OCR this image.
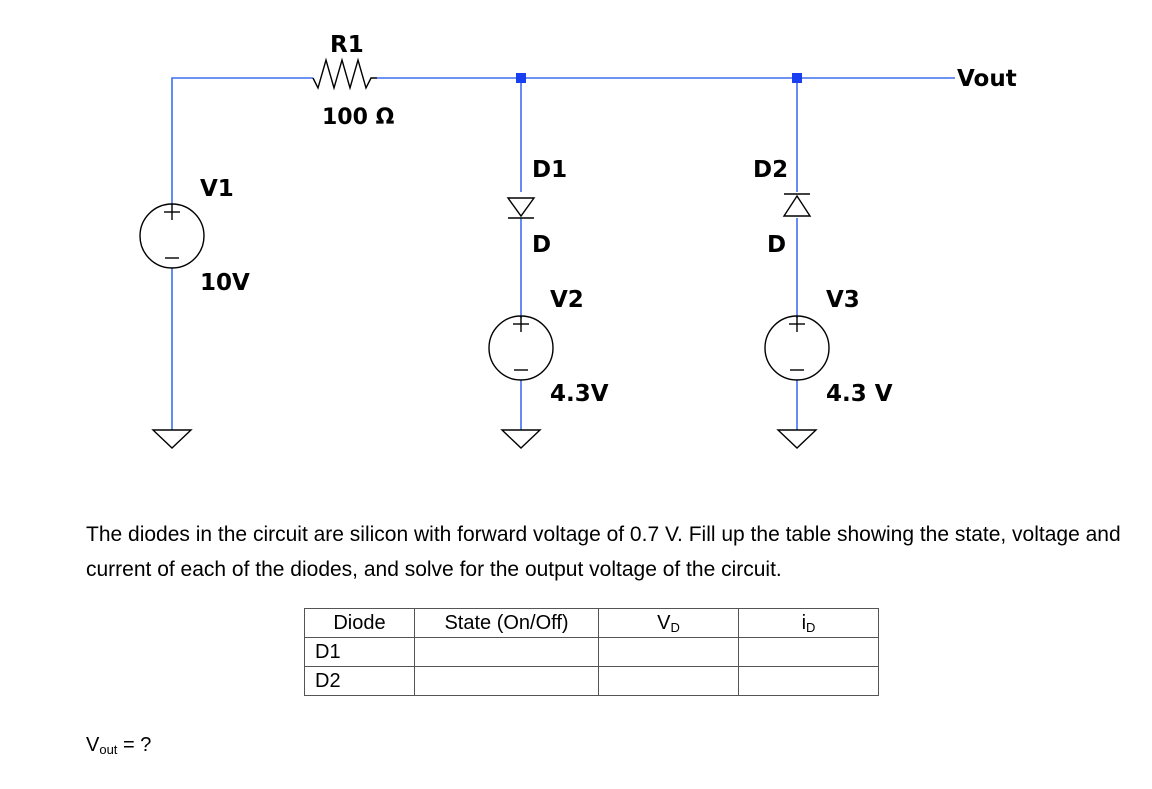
R1
100 Ω
Vout
V1
10V
D1
D
D2
D
V2
4.3V
V3
4.3 V

The diodes in the circuit are silicon with forward voltage of 0.7 V. Fill up the table showing the state, voltage and current of each of the diodes, and solve for the output voltage of the circuit.

Diode	State (On/Off)	$V_D$	$i_D$
D1			
D2			
$V_{out}$ = ?
